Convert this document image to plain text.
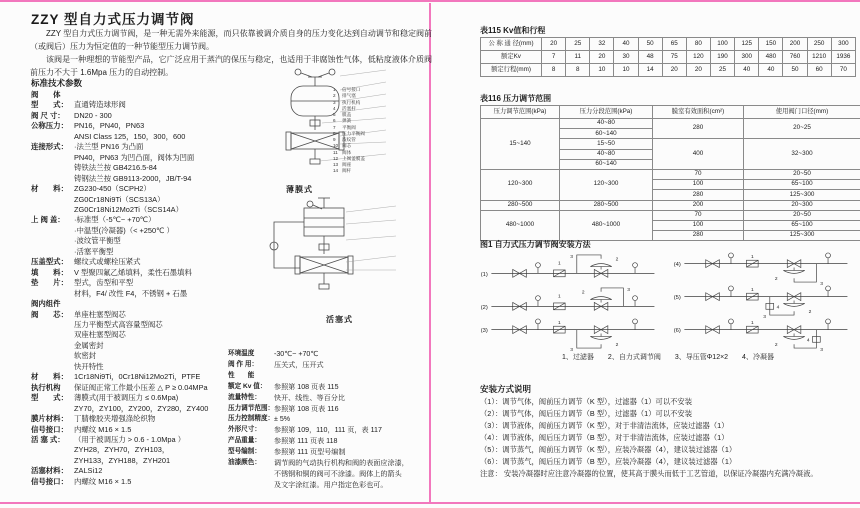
ZZY 型自力式压力调节阀

ZZY 型自力式压力调节阀，是一种无需外来能源，而只依靠被调介质自身的压力变化达到自动调节和稳定阀前（或阀后）压力为恒定值的一种节能型压力调节阀。

该阀是一种理想的节能型产品，它广泛应用于蒸汽的保压与稳定，也适用于非腐蚀性气体，低粘度液体介质阀前压力不大于 1.6Mpa 压力的自动控制。

标准技术参数
阀　　体
型　　式： 直通铸造球形阀
阀 尺 寸：	DN20 - 300
公称压力： PN16，PN40，PN63
ANSI Class 125，150，300，600
连接形式： ·法兰型 PN16 为凸面
PN40，PN63 为凹凸面，阀体为凹面
铸铁法兰按 GB4216.5-84
铸钢法兰按 GB9113-2000，JB/T-94
材　　料： ZG230-450（SCPH2）
ZG0Cr18Ni9Ti（SCS13A）
ZG0Cr18Ni12Mo2Ti（SCS14A）
上 阀 盖：	·标准型（-5℃~ +70℃）
·中温型(冷凝器)（< +250℃ ）
·波纹管平衡型
·活塞平衡型
压盖型式： 螺纹式或螺栓压紧式
填　　料： V 型聚四氟乙烯填料，柔性石墨填料
垫　　片： 型式，齿型和平型
材料，F4/ 改性 F4，不锈钢 + 石墨
阀内组件
阀　　芯： 单座柱塞型阀芯
压力平衡型式高容量型阀芯
双座柱塞型阀芯
金属密封
软密封
快开特性
材　　料： 1Cr18Ni9Ti，0Cr18Ni12Mo2Ti，PTFE
执行机构	保证阀正常工作最小压差 △ P ≥ 0.04MPa
型　　式： 薄膜式(用于被调压力 ≤ 0.6Mpa)
ZY70，ZY100，ZY200，ZY280，ZY400
膜片材料： 丁腈橡胶夹增强涤纶织物
信号接口： 内螺纹 M16 × 1.5
活 塞 式：	（用于被调压力 > 0.6 - 1.0Mpa ）
ZYH28，ZYH70，ZYH103，
ZYH133，ZYH188，ZYH201
活塞材料： ZALSi12
信号接口： 内螺纹 M16 × 1.5
薄膜式
1	信号接口
2	排气塞
3	执行机构
4	活塞杆
5	膜盖
6	弹簧
7	平衡阀
8	压力平衡阀
9	波纹管
10 阀芯
11 阀体
12 上阀盖膜盖
13 阀座
14 阀杆
活塞式
环境温度	-30℃~ +70℃
阀 作 用：	压关式，压开式
性　　能
额定 Kv 值：	参照第 108 页表 115
流量特性：	快开、线性、等百分比
压力调节范围： 参照第 108 页表 116
压力控制精度： ± 5%
外形尺寸：	参照第 109，110，111 页，表 117
产品重量：	参照第 111 页表 118
型号编制：	参照第 111 页型号编制
油漆颜色：	调节阀的气动执行机构和阀的表面应涂漆，
不锈钢和铜的阀可不涂漆。阀体上的箭头
及文字涂红漆。用户指定色彩也可。
表115 Kv值和行程
公 称 通 径(mm)	20	25	32	40	50	65	80	100	125	150	200	250	300
额定Kv	7	11	20	30	48	75	120	190	300	480	760	1210	1936
额定行程(mm)	8	8	10	10	14	20	20	25	40	40	50	60	70
表116 压力调节范围
压力调节范围(kPa)	压力分段范围(kPa)	膜室有效面积(cm²)	使用阀门口径(mm)
15~140	40~80	280	20~25
	60~140		
	15~50	400	32~300
	40~80		
	60~140		
120~300	120~300	70	20~50
		100	65~100
		280	125~300
280~500	280~500	200	20~300
480~1000	480~1000	70	20~50
		100	65~100
		280	125~300
图1 自力式压力调节阀安装方法
(1)
1
2
3
(2)
1
2
3
(3)
1
2
3
(4)
1
2
3
(5)
1
2
3
4
(6)
1
2
3
4
1、过滤器　　2、自力式调节阀　　3、导压管Φ12×2　　4、冷凝器
安装方式说明
（1）：调节气体，阀前压力调节（K 型），过滤器（1）可以不安装
（2）：调节气体，阀后压力调节（B 型），过滤器（1）可以不安装
（3）：调节液体，阀前压力调节（K 型），对于非清洁流体，应装过滤器（1）
（4）：调节液体，阀后压力调节（B 型），对于非清洁流体，应装过滤器（1）
（5）：调节蒸气，阀前压力调节（K 型），应装冷凝器（4），建议装过滤器（1）
（6）：调节蒸气，阀后压力调节（B 型），应装冷凝器（4），建议装过滤器（1）
注意： 安装冷凝器时应注意冷凝器的位置，使其高于膜头而低于工艺管道，以保证冷凝器内充满冷凝液。
